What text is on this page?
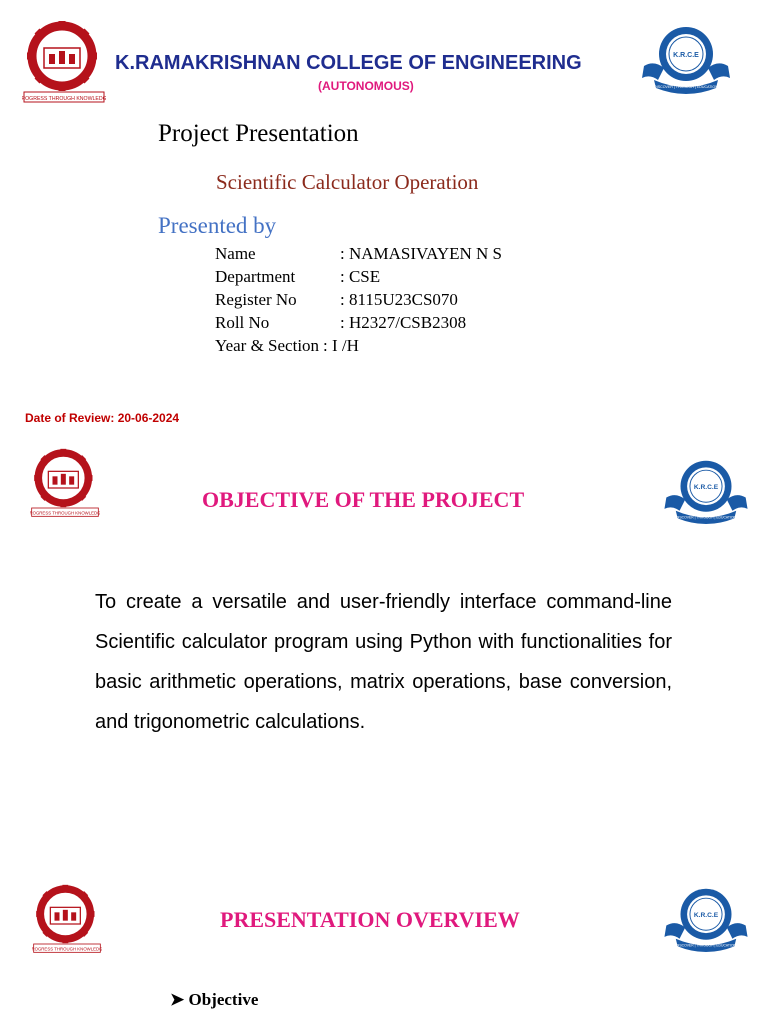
PROGRESS THROUGH KNOWLEDGE
K.RAMAKRISHNAN COLLEGE OF ENGINEERING
(AUTONOMOUS)
K.R.C.E
DISCOVER | THROUGH | EDUCATION
Project Presentation
Scientific Calculator Operation
Presented by
Name	: NAMASIVAYEN N S
Department	: CSE
Register No	: 8115U23CS070
Roll No	: H2327/CSB2308
Year & Section : I /H
Date of Review: 20-06-2024
PROGRESS THROUGH KNOWLEDGE
OBJECTIVE OF THE PROJECT	K.R.C.E
DISCOVER | THROUGH | EDUCATION
To create a versatile and user-friendly interface command-line Scientific calculator program using Python with functionalities for basic arithmetic operations, matrix operations, base conversion, and trigonometric calculations.
PROGRESS THROUGH KNOWLEDGE
PRESENTATION OVERVIEW	K.R.C.E
DISCOVER | THROUGH | EDUCATION
➤ Objective
